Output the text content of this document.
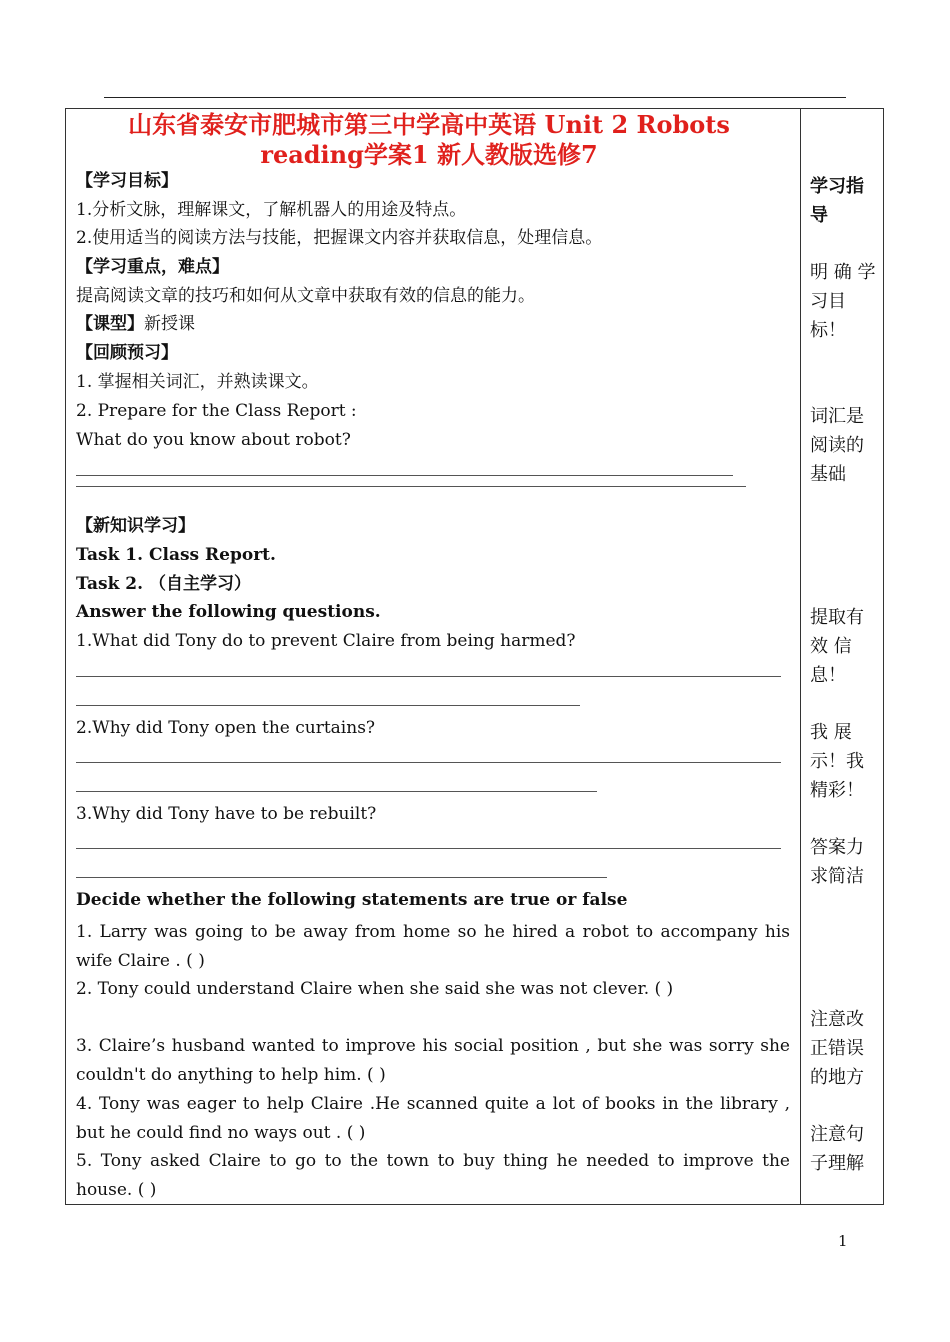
山东省泰安市肥城市第三中学高中英语 Unit 2 Robots
reading学案1 新人教版选修7
【学习目标】
1.分析文脉，理解课文，了解机器人的用途及特点。
2.使用适当的阅读方法与技能，把握课文内容并获取信息，处理信息。
【学习重点，难点】
提高阅读文章的技巧和如何从文章中获取有效的信息的能力。
【课型】新授课
【回顾预习】
1. 掌握相关词汇，并熟读课文。
2. Prepare for the Class Report :
What do you know about robot?
【新知识学习】
Task 1. Class Report.
Task 2. （自主学习）
Answer the following questions.
1.What did Tony do to prevent Claire from being harmed?
2.Why did Tony open the curtains?
3.Why did Tony have to be rebuilt?
Decide whether the following statements are true or false
1. Larry was going to be away from home so he hired a robot to accompany his wife Claire . ( )
2. Tony could understand Claire when she said she was not clever. ( )
3. Claire’s husband wanted to improve his social position , but she was sorry she couldn't do anything to help him. ( )
4. Tony was eager to help Claire .He scanned quite a lot of books in the library , but he could find no ways out . ( )
5. Tony asked Claire to go to the town to buy thing he needed to improve the house. ( )
学习指导
明 确 学习目标！
词汇是阅读的基础
提取有效 信息！
我 展示！我精彩！
答案力求简洁
注意改正错误的地方
注意句子理解
1
